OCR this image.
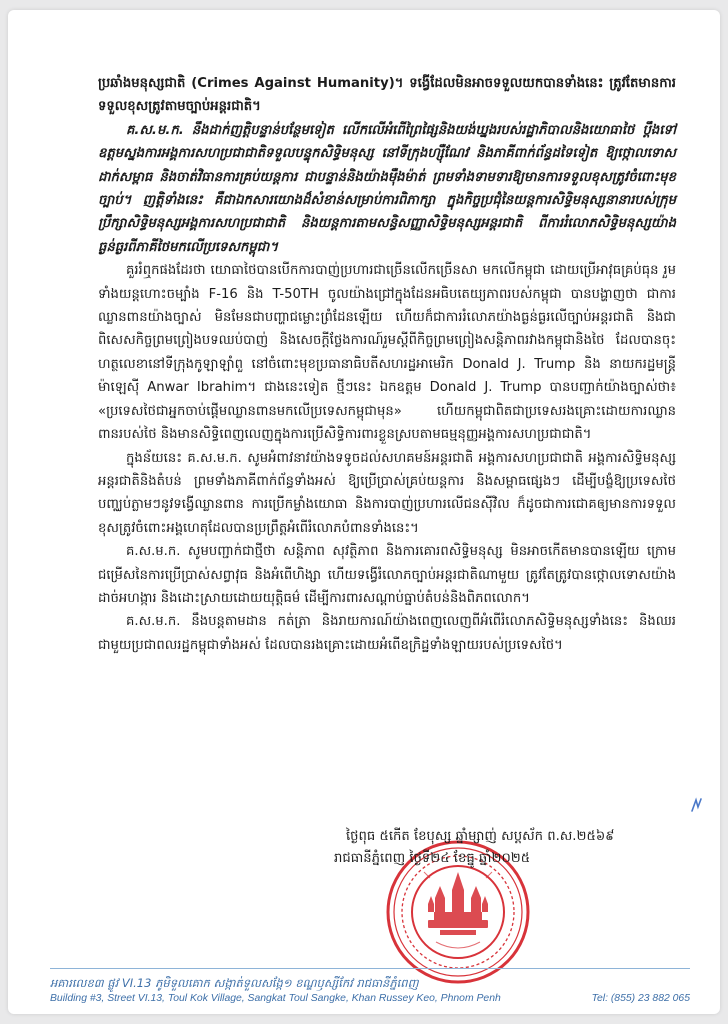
ប្រឆាំងមនុស្សជាតិ (Crimes Against Humanity)។ ទង្វើដែលមិនអាចទទួលយកបានទាំងនេះ ត្រូវតែមានការទទួលខុសត្រូវតាមច្បាប់អន្តរជាតិ។

គ.ស.ម.ក. នឹងដាក់ញត្តិបន្ទាន់បន្ថែមទៀត លើកលើអំពើព្រៃផ្សៃនិងយង់ឃ្នងរបស់រដ្ឋាភិបាលនិងយោធាថៃ ប្ដឹងទៅឧត្ដមស្នងការអង្គការសហប្រជាជាតិទទួលបន្ទុកសិទ្ធិមនុស្ស នៅទីក្រុងហ្ស៊ឺណែវ និងភាគីពាក់ព័ន្ធដទៃទៀត ឱ្យថ្កោលទោស ដាក់សម្ពាធ និងចាត់វិធានការគ្រប់យន្តការ ជាបន្ទាន់និងយ៉ាងម៉ឺងម៉ាត់ ព្រមទាំងទាមទារឱ្យមានការទទួលខុសត្រូវចំពោះមុខច្បាប់។ ញត្តិទាំងនេះ គឺជាឯកសារយោងដ៏សំខាន់សម្រាប់ការពិភាក្សា ក្នុងកិច្ចប្រជុំនៃយន្តការសិទ្ធិមនុស្សនានារបស់ក្រុមប្រឹក្សាសិទ្ធិមនុស្សអង្គការសហប្រជាជាតិ និងយន្តការតាមសន្ធិសញ្ញាសិទ្ធិមនុស្សអន្តរជាតិ ពីការរំលោភសិទ្ធិមនុស្សយ៉ាងធ្ងន់ធ្ងរពីភាគីថៃមកលើប្រទេសកម្ពុជា។

គួររំឮកផងដែរថា យោធាថៃបានបើកការបាញ់ប្រហារជាច្រើនលើកច្រើនសា មកលើកម្ពុជា ដោយប្រើអាវុធគ្រប់ធុន រួមទាំងយន្តហោះចម្បាំង F-16 និង T-50TH ចូលយ៉ាងជ្រៅក្នុងដែនអធិបតេយ្យភាពរបស់កម្ពុជា បានបង្ហាញថា ជាការឈ្លានពានយ៉ាងច្បាស់ មិនមែនជាបញ្ហាជម្លោះព្រំដែនឡើយ ហើយក៏ជាការរំលោភយ៉ាងធ្ងន់ធ្ងរលើច្បាប់អន្តរជាតិ និងជាពិសេសកិច្ចព្រមព្រៀងបទឈប់បាញ់ និងសេចក្ដីថ្លែងការណ៍រួមស្ដីពីកិច្ចព្រមព្រៀងសន្តិភាពរវាងកម្ពុជានិងថៃ ដែលបានចុះហត្ថលេខានៅទីក្រុងកូឡាឡាំពួ នៅចំពោះមុខប្រធានាធិបតីសហរដ្ឋអាមេរិក Donald J. Trump និង នាយករដ្ឋមន្ត្រីម៉ាឡេស៊ី Anwar Ibrahim។ ជាងនេះទៀត ថ្មីៗនេះ ឯកឧត្តម Donald J. Trump បានបញ្ជាក់យ៉ាងច្បាស់ថា៖ «ប្រទេសថៃជាអ្នកចាប់ផ្ដើមឈ្លានពានមកលើប្រទេសកម្ពុជាមុន» ហើយកម្ពុជាពិតជាប្រទេសរងគ្រោះដោយការឈ្លានពានរបស់ថៃ និងមានសិទ្ធិពេញលេញក្នុងការប្រើសិទ្ធិការពារខ្លួនស្របតាមធម្មនុញ្ញអង្គការសហប្រជាជាតិ។

ក្នុងន័យនេះ គ.ស.ម.ក. សូមអំពាវនាវយ៉ាងទទូចដល់សហគមន៍អន្តរជាតិ អង្គការសហប្រជាជាតិ អង្គការសិទ្ធិមនុស្សអន្តរជាតិនិងតំបន់ ព្រមទាំងភាគីពាក់ព័ន្ធទាំងអស់ ឱ្យប្រើប្រាស់គ្រប់យន្តការ និងសម្ពាធផ្សេងៗ ដើម្បីបង្ខំឱ្យប្រទេសថៃបញ្ឈប់ភ្លាមៗនូវទង្វើឈ្លានពាន ការប្រើកម្លាំងយោធា និងការបាញ់ប្រហារលើជនស៊ីវិល ក៏ដូចជាការជោគឲ្យមានការទទួលខុសត្រូវចំពោះអង្គហេតុដែលបានប្រព្រឹត្តអំពើរំលោភបំពានទាំងនេះ។

គ.ស.ម.ក. សូមបញ្ជាក់ជាថ្មីថា សន្តិភាព សុវត្ថិភាព និងការគោរពសិទ្ធិមនុស្ស មិនអាចកើតមានបានឡើយ ក្រោមជម្រើសនៃការប្រើប្រាស់សព្វាវុធ និងអំពើហិង្សា ហើយទង្វើរំលោភច្បាប់អន្តរជាតិណាមួយ ត្រូវតែត្រូវបានថ្កោលទោសយ៉ាងដាច់អហង្ការ និងដោះស្រាយដោយយុត្តិធម៌ ដើម្បីការពារសណ្ដាប់ធ្នាប់តំបន់និងពិភពលោក។

គ.ស.ម.ក. នឹងបន្តតាមដាន កត់ត្រា និងរាយការណ៍យ៉ាងពេញលេញពីអំពើរំលោភសិទ្ធិមនុស្សទាំងនេះ និងឈរជាមួយប្រជាពលរដ្ឋកម្ពុជាទាំងអស់ ដែលបានរងគ្រោះដោយអំពើឧក្រិដ្ឋទាំងឡាយរបស់ប្រទេសថៃ។

ថ្ងៃពុធ ៥កើត ខែបុស្ស ឆ្នាំម្សាញ់ សប្ដស័ក ព.ស.២៥៦៩
រាជធានីភ្នំពេញ ថ្ងៃទី២៤ ខែធ្នូ ឆ្នាំ២០២៥

អគារលេខ៣ ផ្លូវ VI.13 ភូមិទួលគោក សង្កាត់ទួលសង្កែ១ ខណ្ឌឫស្សីកែវ រាជធានីភ្នំពេញ

Building #3, Street VI.13, Toul Kok Village, Sangkat Toul Sangke, Khan Russey Keo, Phnom Penh	Tel: (855) 23 882 065
